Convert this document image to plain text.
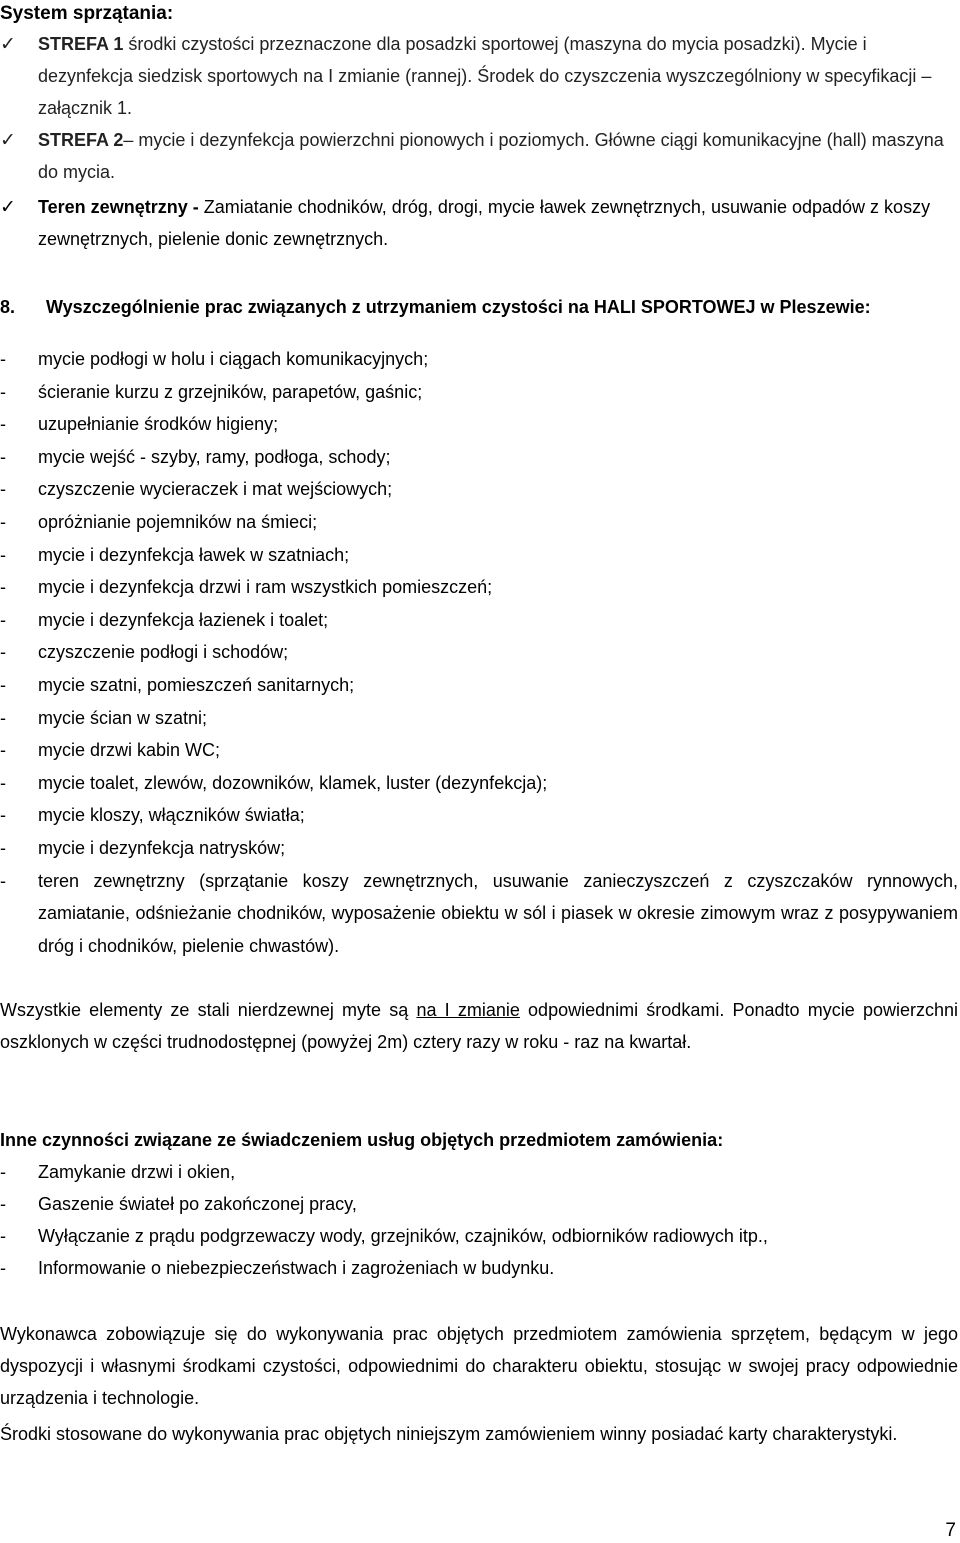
System sprzątania:
✓	STREFA 1 środki czystości przeznaczone dla posadzki sportowej (maszyna do mycia posadzki). Mycie i dezynfekcja siedzisk sportowych na I zmianie (rannej). Środek do czyszczenia wyszczególniony w specyfikacji – załącznik 1.
✓	STREFA 2– mycie i dezynfekcja powierzchni pionowych i poziomych. Główne ciągi komunikacyjne (hall) maszyna do mycia.
✓	Teren zewnętrzny - Zamiatanie chodników, dróg, drogi, mycie ławek zewnętrznych, usuwanie odpadów z koszy zewnętrznych, pielenie donic zewnętrznych.
8. Wyszczególnienie prac związanych z utrzymaniem czystości na HALI SPORTOWEJ w Pleszewie:
- mycie podłogi w holu i ciągach komunikacyjnych;
- ścieranie kurzu z grzejników, parapetów, gaśnic;
- uzupełnianie środków higieny;
- mycie wejść - szyby, ramy, podłoga, schody;
- czyszczenie wycieraczek i mat wejściowych;
- opróżnianie pojemników na śmieci;
- mycie i dezynfekcja ławek w szatniach;
- mycie i dezynfekcja drzwi i ram wszystkich pomieszczeń;
- mycie i dezynfekcja łazienek i toalet;
- czyszczenie podłogi i schodów;
- mycie szatni, pomieszczeń sanitarnych;
- mycie ścian w szatni;
- mycie drzwi kabin WC;
- mycie toalet, zlewów, dozowników, klamek, luster (dezynfekcja);
- mycie kloszy, włączników światła;
- mycie i dezynfekcja natrysków;
- teren zewnętrzny (sprzątanie koszy zewnętrznych, usuwanie zanieczyszczeń z czyszczaków rynnowych, zamiatanie, odśnieżanie chodników, wyposażenie obiektu w sól i piasek w okresie zimowym wraz z posypywaniem dróg i chodników, pielenie chwastów).
Wszystkie elementy ze stali nierdzewnej myte są na I zmianie odpowiednimi środkami. Ponadto mycie powierzchni oszklonych w części trudnodostępnej (powyżej 2m) cztery razy w roku - raz na kwartał.
Inne czynności związane ze świadczeniem usług objętych przedmiotem zamówienia:
- Zamykanie drzwi i okien,
- Gaszenie świateł po zakończonej pracy,
- Wyłączanie z prądu podgrzewaczy wody, grzejników, czajników, odbiorników radiowych itp.,
- Informowanie o niebezpieczeństwach i zagrożeniach w budynku.
Wykonawca zobowiązuje się do wykonywania prac objętych przedmiotem zamówienia sprzętem, będącym w jego dyspozycji i własnymi środkami czystości, odpowiednimi do charakteru obiektu, stosując w swojej pracy odpowiednie urządzenia i technologie.
Środki stosowane do wykonywania prac objętych niniejszym zamówieniem winny posiadać karty charakterystyki.
7
